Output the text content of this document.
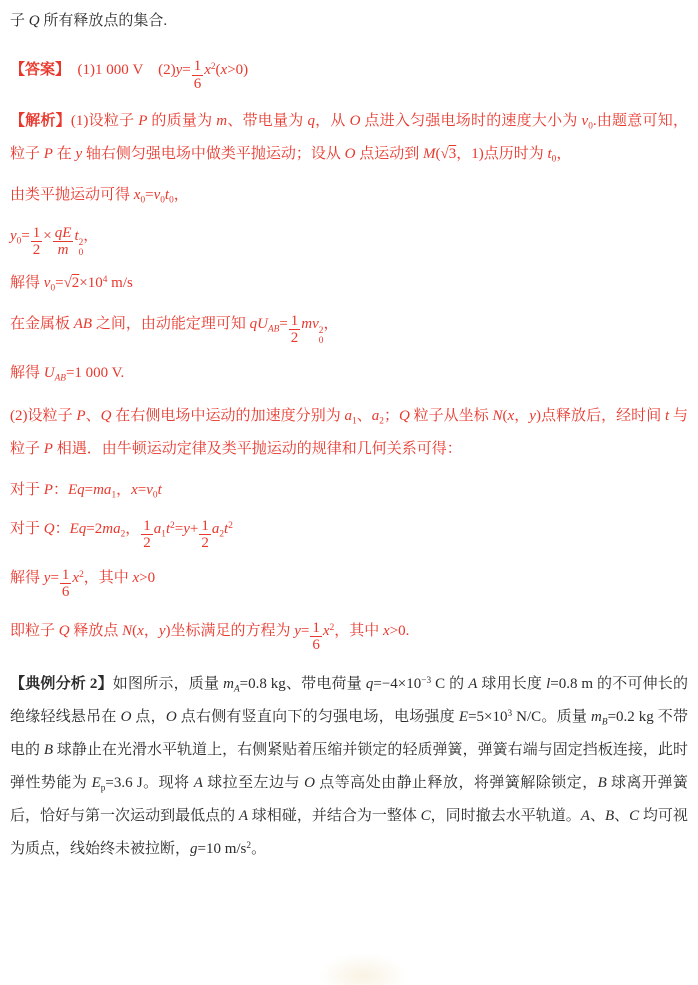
子 Q 所有释放点的集合.

【答案】　(1)1 000 V　$(2)y= \frac{1}{6} x^2(x>0)$

【解析】(1)设粒子 P 的质量为 m、带电量为 q，从 O 点进入匀强电场时的速度大小为 $v_0$.由题意可知，粒子 P 在 y 轴右侧匀强电场中做类平抛运动；设从 O 点运动到 M(√3，1)点历时为 $t_0$，

由类平抛运动可得 $x_0=v_0t_0$，

$y_0= \frac{1}{2} \times \frac{qE}{m}$ t 2
0
，

解得 $v_0=√2\times 10^4$ m/s

在金属板 AB 之间，由动能定理可知 $qU_{AB}= \frac{1}{2}$ mv 2
0
，

解得 $U_{AB}=1$ 000 V.

(2)设粒子 P、Q 在右侧电场中运动的加速度分别为 $a_1$、$a_2$；Q 粒子从坐标 N(x，y)点释放后，经时间 t 与粒子 P 相遇．由牛顿运动定律及类平抛运动的规律和几何关系可得：

对于 P：$Eq=ma_1$，$x=v_0t$

对于 Q：$Eq=2ma_2$， $\frac{1}{2} a_1t^2=y+ \frac{1}{2} a_2t^2$

解得 $y= \frac{1}{6} x^2$，其中 x>0

即粒子 Q 释放点 N(x，y)坐标满足的方程为 $y= \frac{1}{6} x^2$，其中 x>0.

【典例分析 2】如图所示，质量 $m_A=0.8$ kg、带电荷量 $q=-4\times 10^{-3}$ C 的 A 球用长度 l=0.8 m 的不可伸长的绝缘轻线悬吊在 O 点，O 点右侧有竖直向下的匀强电场，电场强度 $E=5\times 10^3$ N/C。质量 $m_B=0.2$ kg 不带电的 B 球静止在光滑水平轨道上，右侧紧贴着压缩并锁定的轻质弹簧，弹簧右端与固定挡板连接，此时弹性势能为 $E_p=3.6$ J。现将 A 球拉至左边与 O 点等高处由静止释放，将弹簧解除锁定，B 球离开弹簧后，恰好与第一次运动到最低点的 A 球相碰，并结合为一整体 C，同时撤去水平轨道。A、B、C 均可视为质点，线始终未被拉断，g=10 $m/s^2$。
